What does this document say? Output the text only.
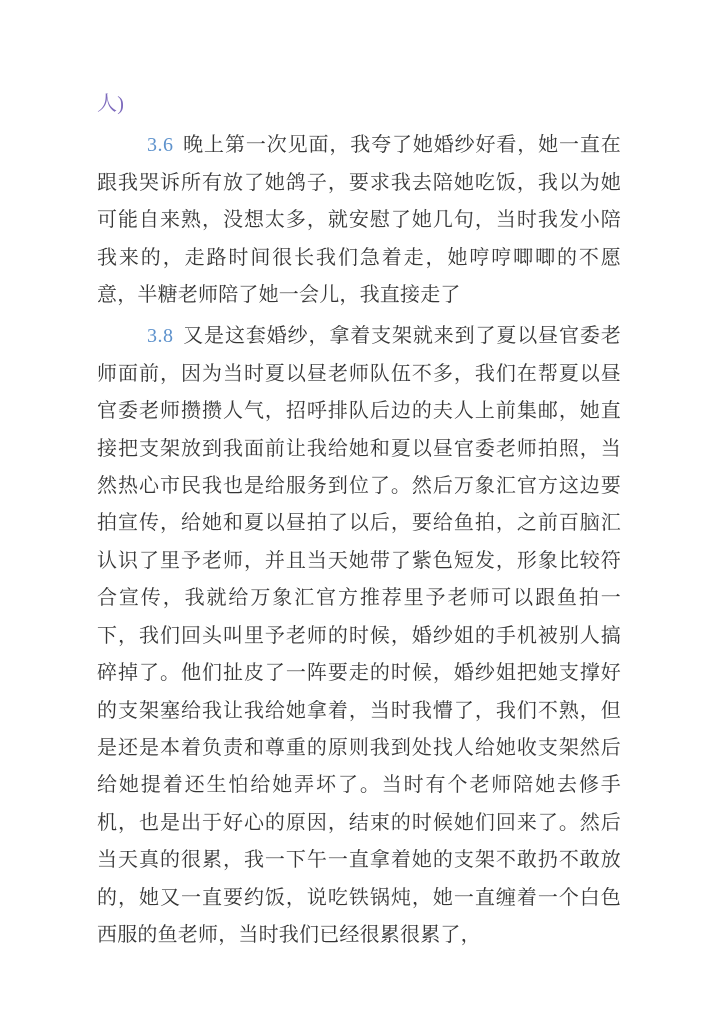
人)

3.6 晚上第一次见面，我夸了她婚纱好看，她一直在跟我哭诉所有放了她鸽子，要求我去陪她吃饭，我以为她可能自来熟，没想太多，就安慰了她几句，当时我发小陪我来的，走路时间很长我们急着走，她哼哼唧唧的不愿意，半糖老师陪了她一会儿，我直接走了

3.8 又是这套婚纱，拿着支架就来到了夏以昼官委老师面前，因为当时夏以昼老师队伍不多，我们在帮夏以昼官委老师攒攒人气，招呼排队后边的夫人上前集邮，她直接把支架放到我面前让我给她和夏以昼官委老师拍照，当然热心市民我也是给服务到位了。然后万象汇官方这边要拍宣传，给她和夏以昼拍了以后，要给鱼拍，之前百脑汇认识了里予老师，并且当天她带了紫色短发，形象比较符合宣传，我就给万象汇官方推荐里予老师可以跟鱼拍一下，我们回头叫里予老师的时候，婚纱姐的手机被别人搞碎掉了。他们扯皮了一阵要走的时候，婚纱姐把她支撑好的支架塞给我让我给她拿着，当时我懵了，我们不熟，但是还是本着负责和尊重的原则我到处找人给她收支架然后给她提着还生怕给她弄坏了。当时有个老师陪她去修手机，也是出于好心的原因，结束的时候她们回来了。然后当天真的很累，我一下午一直拿着她的支架不敢扔不敢放的，她又一直要约饭，说吃铁锅炖，她一直缠着一个白色西服的鱼老师，当时我们已经很累很累了，
